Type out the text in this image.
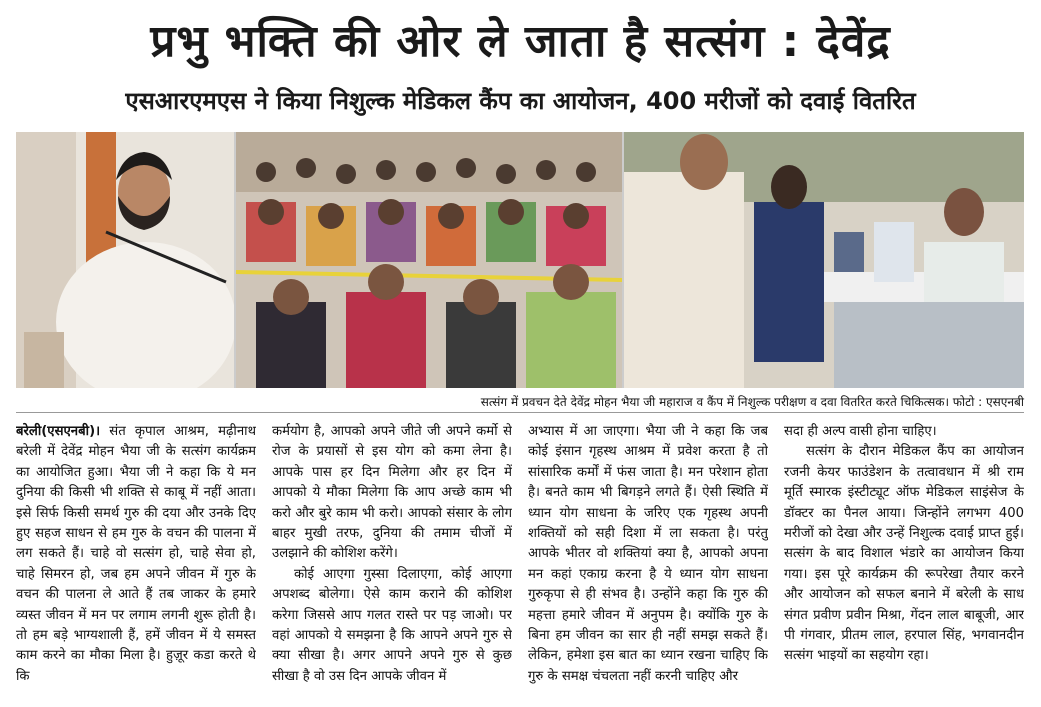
प्रभु भक्ति की ओर ले जाता है सत्संग : देवेंद्र
एसआरएमएस ने किया निशुल्क मेडिकल कैंप का आयोजन, 400 मरीजों को दवाई वितरित
सत्संग में प्रवचन देते देवेंद्र मोहन भैया जी महाराज व कैंप में निशुल्क परीक्षण व दवा वितरित करते चिकित्सक। फोटो : एसएनबी

बरेली(एसएनबी)। संत कृपाल आश्रम, मढ़ीनाथ बरेली में देवेंद्र मोहन भैया जी के सत्संग कार्यक्रम का आयोजित हुआ। भैया जी ने कहा कि ये मन दुनिया की किसी भी शक्ति से काबू में नहीं आता। इसे सिर्फ किसी समर्थ गुरु की दया और उनके दिए हुए सहज साधन से हम गुरु के वचन की पालना में लग सकते हैं। चाहे वो सत्संग हो, चाहे सेवा हो, चाहे सिमरन हो, जब हम अपने जीवन में गुरु के वचन की पालना ले आते हैं तब जाकर के हमारे व्यस्त जीवन में मन पर लगाम लगनी शुरू होती है। तो हम बड़े भाग्यशाली हैं, हमें जीवन में ये समस्त काम करने का मौका मिला है। हुज़ूर कडा करते थे कि

कर्मयोग है, आपको अपने जीते जी अपने कर्मो से रोज के प्रयासों से इस योग को कमा लेना है। आपके पास हर दिन मिलेगा और हर दिन में आपको ये मौका मिलेगा कि आप अच्छे काम भी करो और बुरे काम भी करो। आपको संसार के लोग बाहर मुखी तरफ, दुनिया की तमाम चीजों में उलझाने की कोशिश करेंगे।

कोई आएगा गुस्सा दिलाएगा, कोई आएगा अपशब्द बोलेगा। ऐसे काम कराने की कोशिश करेगा जिससे आप गलत रास्ते पर पड़ जाओ। पर वहां आपको ये समझना है कि आपने अपने गुरु से क्या सीखा है। अगर आपने अपने गुरु से कुछ सीखा है वो उस दिन आपके जीवन में

अभ्यास में आ जाएगा। भैया जी ने कहा कि जब कोई इंसान गृहस्थ आश्रम में प्रवेश करता है तो सांसारिक कर्मों में फंस जाता है। मन परेशान होता है। बनते काम भी बिगड़ने लगते हैं। ऐसी स्थिति में ध्यान योग साधना के जरिए एक गृहस्थ अपनी शक्तियों को सही दिशा में ला सकता है। परंतु आपके भीतर वो शक्तियां क्या है, आपको अपना मन कहां एकाग्र करना है ये ध्यान योग साधना गुरुकृपा से ही संभव है। उन्होंने कहा कि गुरु की महत्ता हमारे जीवन में अनुपम है। क्योंकि गुरु के बिना हम जीवन का सार ही नहीं समझ सकते हैं। लेकिन, हमेशा इस बात का ध्यान रखना चाहिए कि गुरु के समक्ष चंचलता नहीं करनी चाहिए और

सदा ही अल्प वासी होना चाहिए।

सत्संग के दौरान मेडिकल कैंप का आयोजन रजनी केयर फाउंडेशन के तत्वावधान में श्री राम मूर्ति स्मारक इंस्टीट्यूट ऑफ मेडिकल साइंसेज के डॉक्टर का पैनल आया। जिन्होंने लगभग 400 मरीजों को देखा और उन्हें निशुल्क दवाई प्राप्त हुई। सत्संग के बाद विशाल भंडारे का आयोजन किया गया। इस पूरे कार्यक्रम की रूपरेखा तैयार करने और आयोजन को सफल बनाने में बरेली के साध संगत प्रवीण प्रवीन मिश्रा, गेंदन लाल बाबूजी, आर पी गंगवार, प्रीतम लाल, हरपाल सिंह, भगवानदीन सत्संग भाइयों का सहयोग रहा।
